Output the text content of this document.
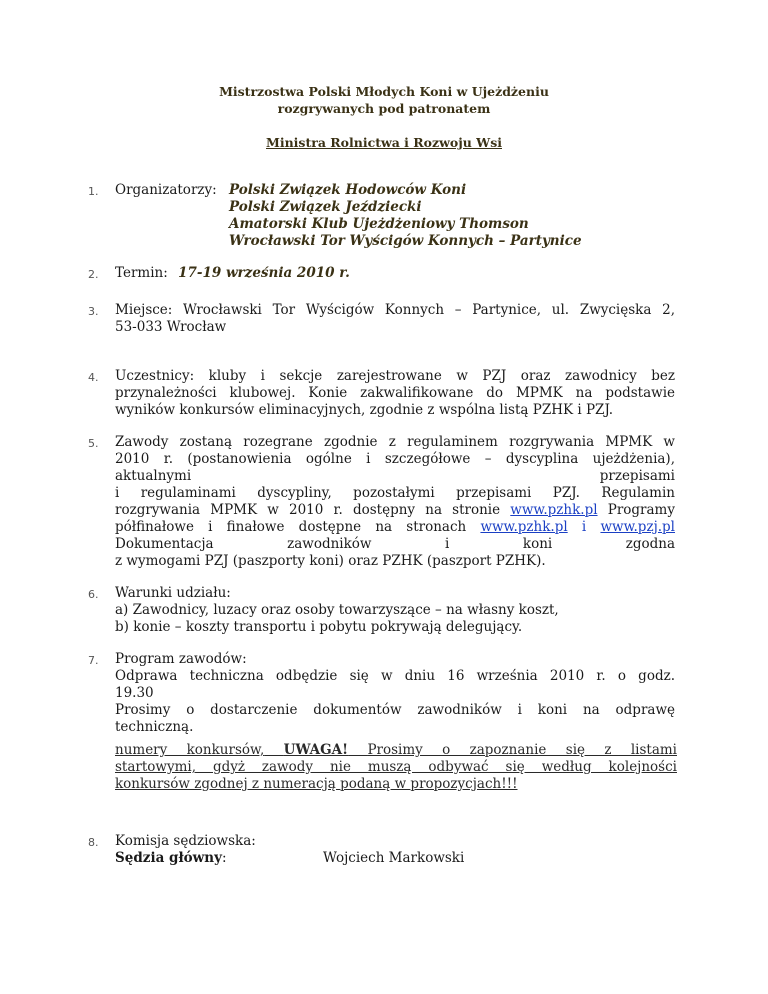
Mistrzostwa Polski Młodych Koni w Ujeżdżeniu
rozgrywanych pod patronatem
Ministra Rolnictwa i Rozwoju Wsi
1. Organizatorzy: Polski Związek Hodowców Koni
Polski Związek Jeździecki
Amatorski Klub Ujeżdżeniowy Thomson
Wrocławski Tor Wyścigów Konnych – Partynice
2. Termin: 17-19 września 2010 r.
3. Miejsce: Wrocławski Tor Wyścigów Konnych – Partynice, ul. Zwycięska 2,
53-033 Wrocław
4. Uczestnicy: kluby i sekcje zarejestrowane w PZJ oraz zawodnicy bez
przynależności klubowej. Konie zakwalifikowane do MPMK na podstawie
wyników konkursów eliminacyjnych, zgodnie z wspólna listą PZHK i PZJ.
5. Zawody zostaną rozegrane zgodnie z regulaminem rozgrywania MPMK w
2010 r. (postanowienia ogólne i szczegółowe – dyscyplina ujeżdżenia),
aktualnymi	przepisami
i regulaminami dyscypliny, pozostałymi przepisami PZJ. Regulamin
rozgrywania MPMK w 2010 r. dostępny na stronie www.pzhk.pl Programy
półfinałowe i finałowe dostępne na stronach www.pzhk.pl i www.pzj.pl
Dokumentacja	zawodników	i	koni	zgodna
z wymogami PZJ (paszporty koni) oraz PZHK (paszport PZHK).
6. Warunki udziału:
a) Zawodnicy, luzacy oraz osoby towarzyszące – na własny koszt,
b) konie – koszty transportu i pobytu pokrywają delegujący.
7. Program zawodów:
Odprawa techniczna odbędzie się w dniu 16 września 2010 r. o godz.
19.30
Prosimy o dostarczenie dokumentów zawodników i koni na odprawę
techniczną.
numery konkursów, UWAGA! Prosimy o zapoznanie się z listami
startowymi, gdyż zawody nie muszą odbywać się według kolejności
konkursów zgodnej z numeracją podaną w propozycjach!!!
8. Komisja sędziowska:
Sędzia główny:	Wojciech Markowski
